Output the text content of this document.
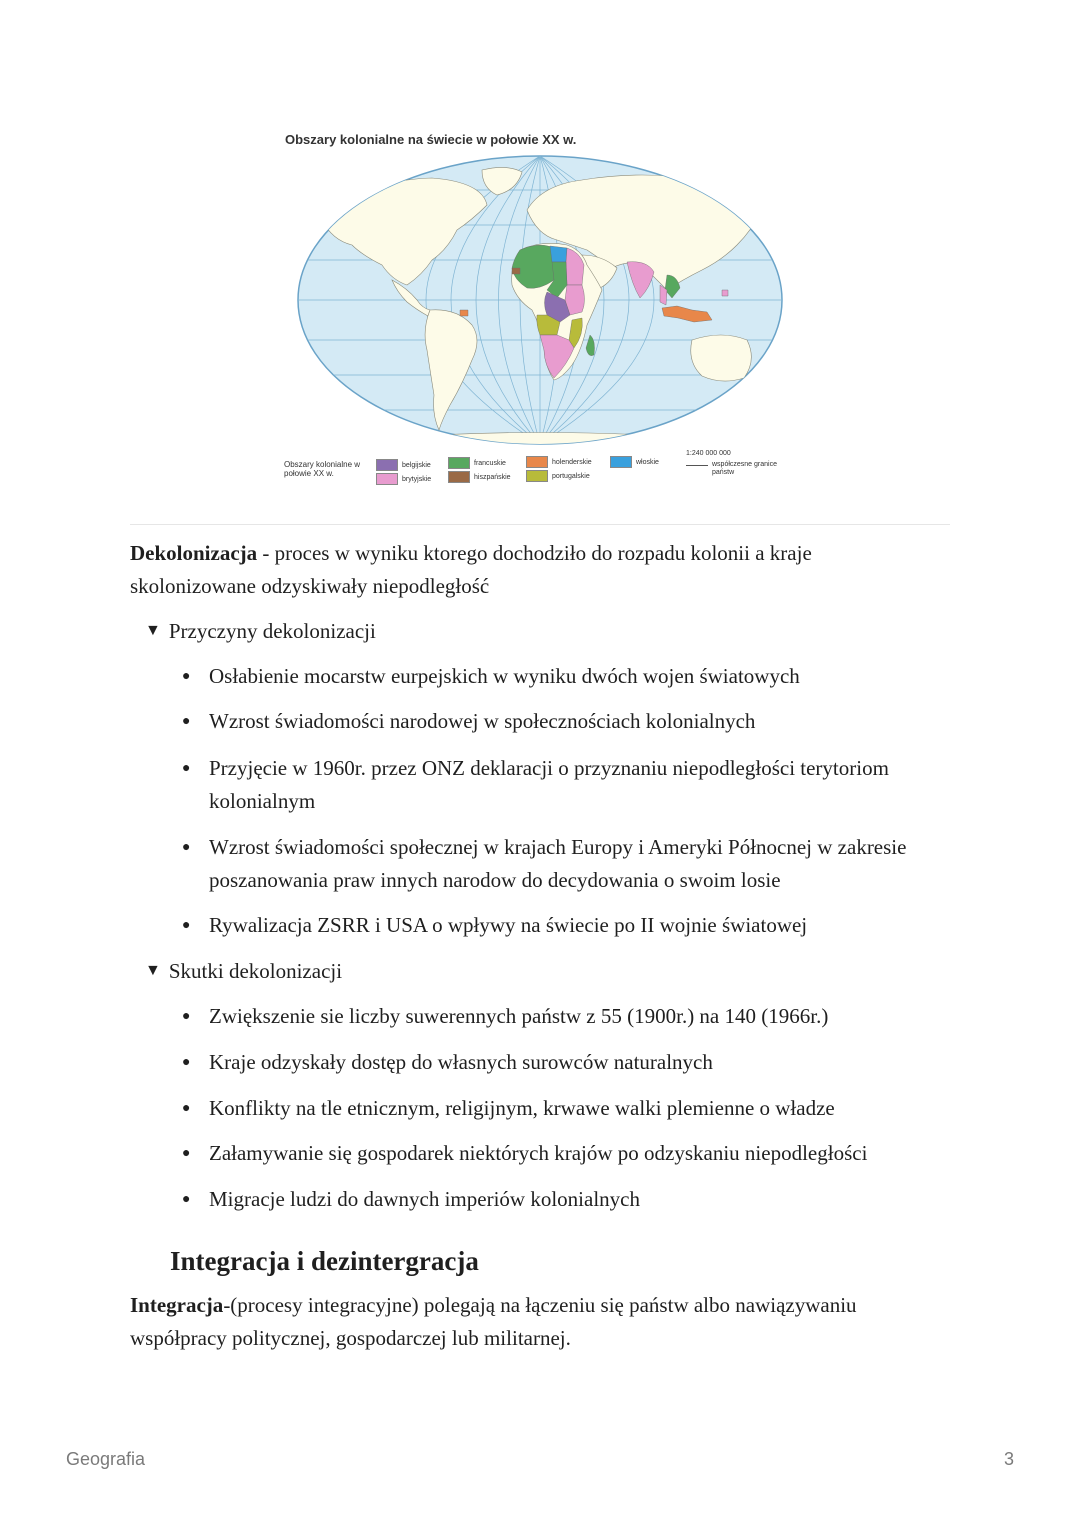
Obszary kolonialne na świecie w połowie XX w.
Obszary kolonialne w połowie XX w.
belgijskie
brytyjskie
francuskie
hiszpańskie
holenderskie
portugalskie
włoskie
1:240 000 000
współczesne granice państw

Dekolonizacja - proces w wyniku ktorego dochodziło do rozpadu kolonii a kraje skolonizowane odzyskiwały niepodległość

▼ Przyczyny dekolonizacji
● Osłabienie mocarstw eurpejskich w wyniku dwóch wojen światowych
● Wzrost świadomości narodowej w społecznościach kolonialnych
● Przyjęcie w 1960r. przez ONZ deklaracji o przyznaniu niepodległości terytoriom kolonialnym
● Wzrost świadomości społecznej w krajach Europy i Ameryki Północnej w zakresie poszanowania praw innych narodow do decydowania o swoim losie
● Rywalizacja ZSRR i USA o wpływy na świecie po II wojnie światowej
▼ Skutki dekolonizacji
● Zwiększenie sie liczby suwerennych państw z 55 (1900r.) na 140 (1966r.)
● Kraje odzyskały dostęp do własnych surowców naturalnych
● Konflikty na tle etnicznym, religijnym, krwawe walki plemienne o władze
● Załamywanie się gospodarek niektórych krajów po odzyskaniu niepodległości
● Migracje ludzi do dawnych imperiów kolonialnych
Integracja i dezintergracja

Integracja-(procesy integracyjne) polegają na łączeniu się państw albo nawiązywaniu współpracy politycznej, gospodarczej lub militarnej.

Geografia	3
